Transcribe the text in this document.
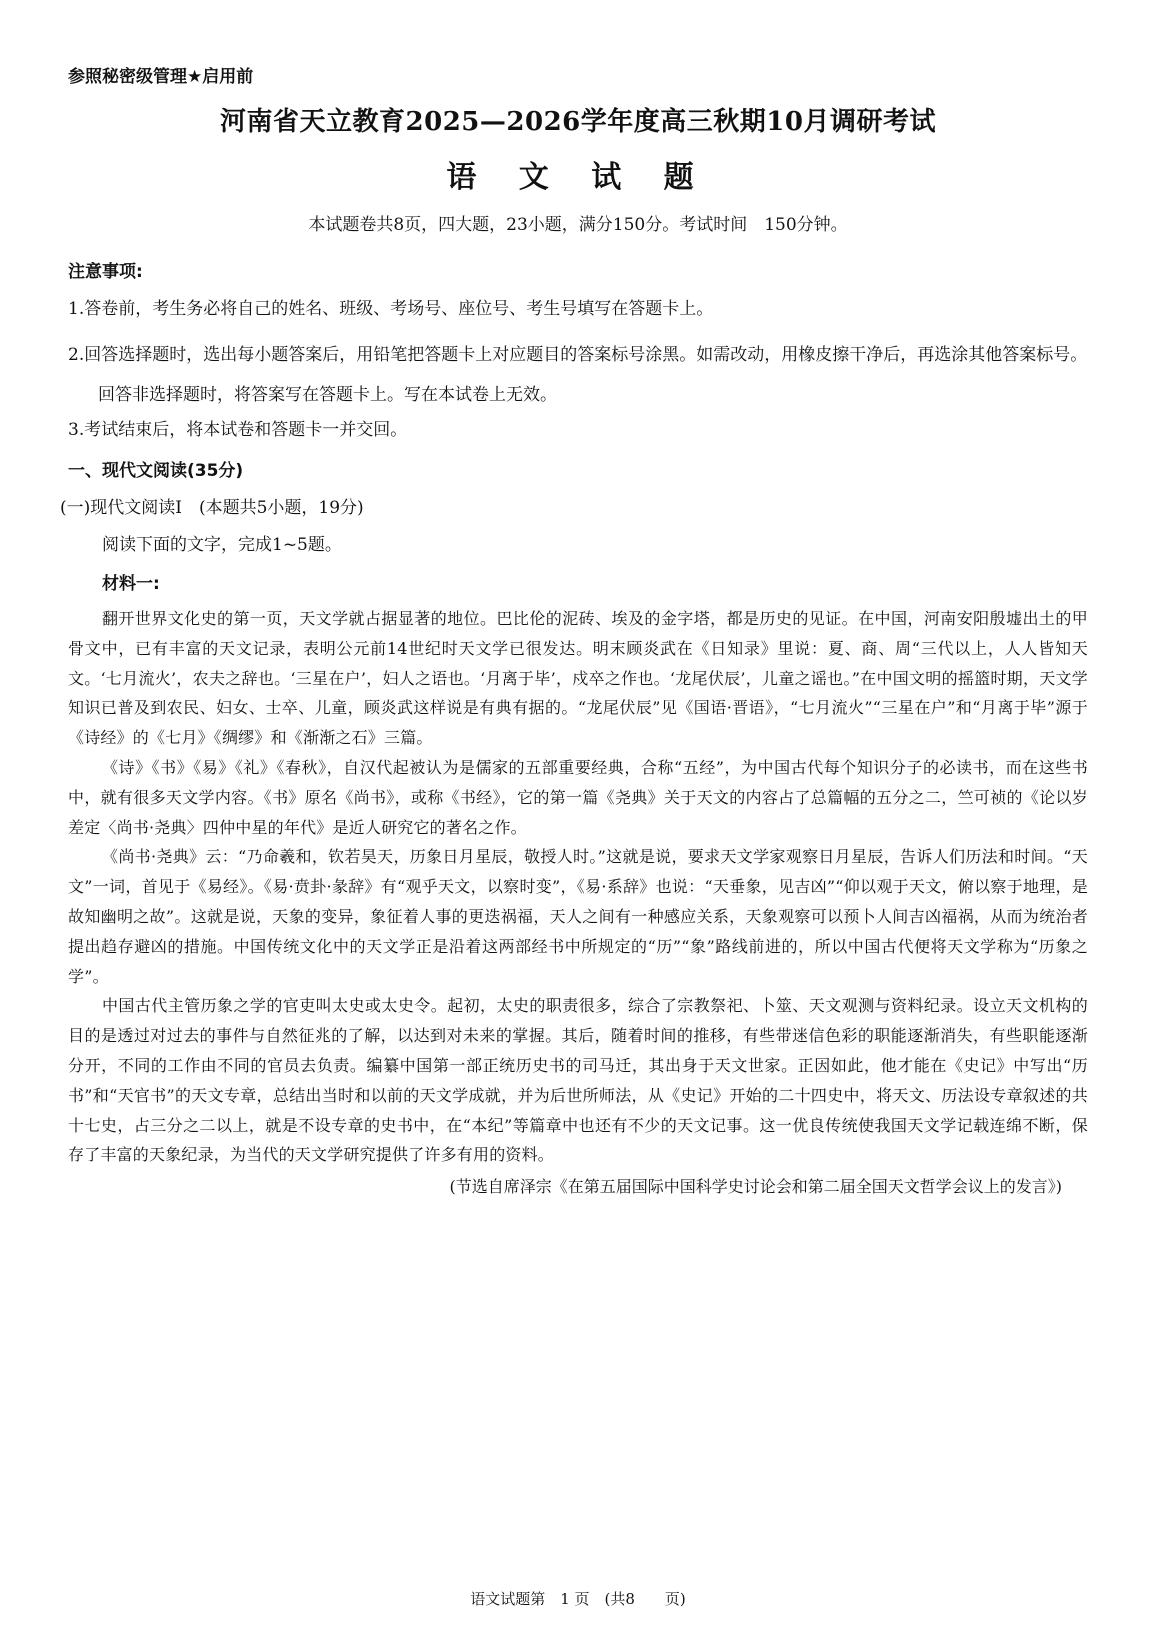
参照秘密级管理★启用前
河南省天立教育2025—2026学年度高三秋期10月调研考试
语 文 试 题
本试题卷共8页，四大题，23小题，满分150分。考试时间　150分钟。
注意事项:
1.答卷前，考生务必将自己的姓名、班级、考场号、座位号、考生号填写在答题卡上。
2.回答选择题时，选出每小题答案后，用铅笔把答题卡上对应题目的答案标号涂黑。如需改动，用橡皮擦干净后，再选涂其他答案标号。回答非选择题时，将答案写在答题卡上。写在本试卷上无效。
3.考试结束后，将本试卷和答题卡一并交回。
一、现代文阅读(35分)
(一)现代文阅读Ⅰ　(本题共5小题，19分)
阅读下面的文字，完成1~5题。
材料一:

翻开世界文化史的第一页，天文学就占据显著的地位。巴比伦的泥砖、埃及的金字塔，都是历史的见证。在中国，河南安阳殷墟出土的甲骨文中，已有丰富的天文记录，表明公元前14世纪时天文学已很发达。明末顾炎武在《日知录》里说：夏、商、周“三代以上，人人皆知天文。‘七月流火’，农夫之辞也。‘三星在户’，妇人之语也。‘月离于毕’，戍卒之作也。‘龙尾伏辰’，儿童之谣也。”在中国文明的摇篮时期，天文学知识已普及到农民、妇女、士卒、儿童，顾炎武这样说是有典有据的。“龙尾伏辰”见《国语·晋语》，“七月流火”“三星在户”和“月离于毕”源于《诗经》的《七月》《绸缪》和《渐渐之石》三篇。

《诗》《书》《易》《礼》《春秋》，自汉代起被认为是儒家的五部重要经典，合称“五经”，为中国古代每个知识分子的必读书，而在这些书中，就有很多天文学内容。《书》原名《尚书》，或称《书经》，它的第一篇《尧典》关于天文的内容占了总篇幅的五分之二，竺可祯的《论以岁差定〈尚书·尧典〉四仲中星的年代》是近人研究它的著名之作。

《尚书·尧典》云：“乃命羲和，钦若昊天，历象日月星辰，敬授人时。”这就是说，要求天文学家观察日月星辰，告诉人们历法和时间。“天文”一词，首见于《易经》。《易·贲卦·彖辞》有“观乎天文，以察时变”，《易·系辞》也说：“天垂象，见吉凶”“仰以观于天文，俯以察于地理，是故知幽明之故”。这就是说，天象的变异，象征着人事的更迭祸福，天人之间有一种感应关系，天象观察可以预卜人间吉凶福祸，从而为统治者提出趋存避凶的措施。中国传统文化中的天文学正是沿着这两部经书中所规定的“历”“象”路线前进的，所以中国古代便将天文学称为“历象之学”。

中国古代主管历象之学的官吏叫太史或太史令。起初，太史的职责很多，综合了宗教祭祀、卜筮、天文观测与资料纪录。设立天文机构的目的是透过对过去的事件与自然征兆的了解，以达到对未来的掌握。其后，随着时间的推移，有些带迷信色彩的职能逐渐消失，有些职能逐渐分开，不同的工作由不同的官员去负责。编纂中国第一部正统历史书的司马迁，其出身于天文世家。正因如此，他才能在《史记》中写出“历书”和“天官书”的天文专章，总结出当时和以前的天文学成就，并为后世所师法，从《史记》开始的二十四史中，将天文、历法设专章叙述的共十七史，占三分之二以上，就是不设专章的史书中，在“本纪”等篇章中也还有不少的天文记事。这一优良传统使我国天文学记载连绵不断，保存了丰富的天象纪录，为当代的天文学研究提供了许多有用的资料。

(节选自席泽宗《在第五届国际中国科学史讨论会和第二届全国天文哲学会议上的发言》)
语文试题第　1 页　(共8　　页)
